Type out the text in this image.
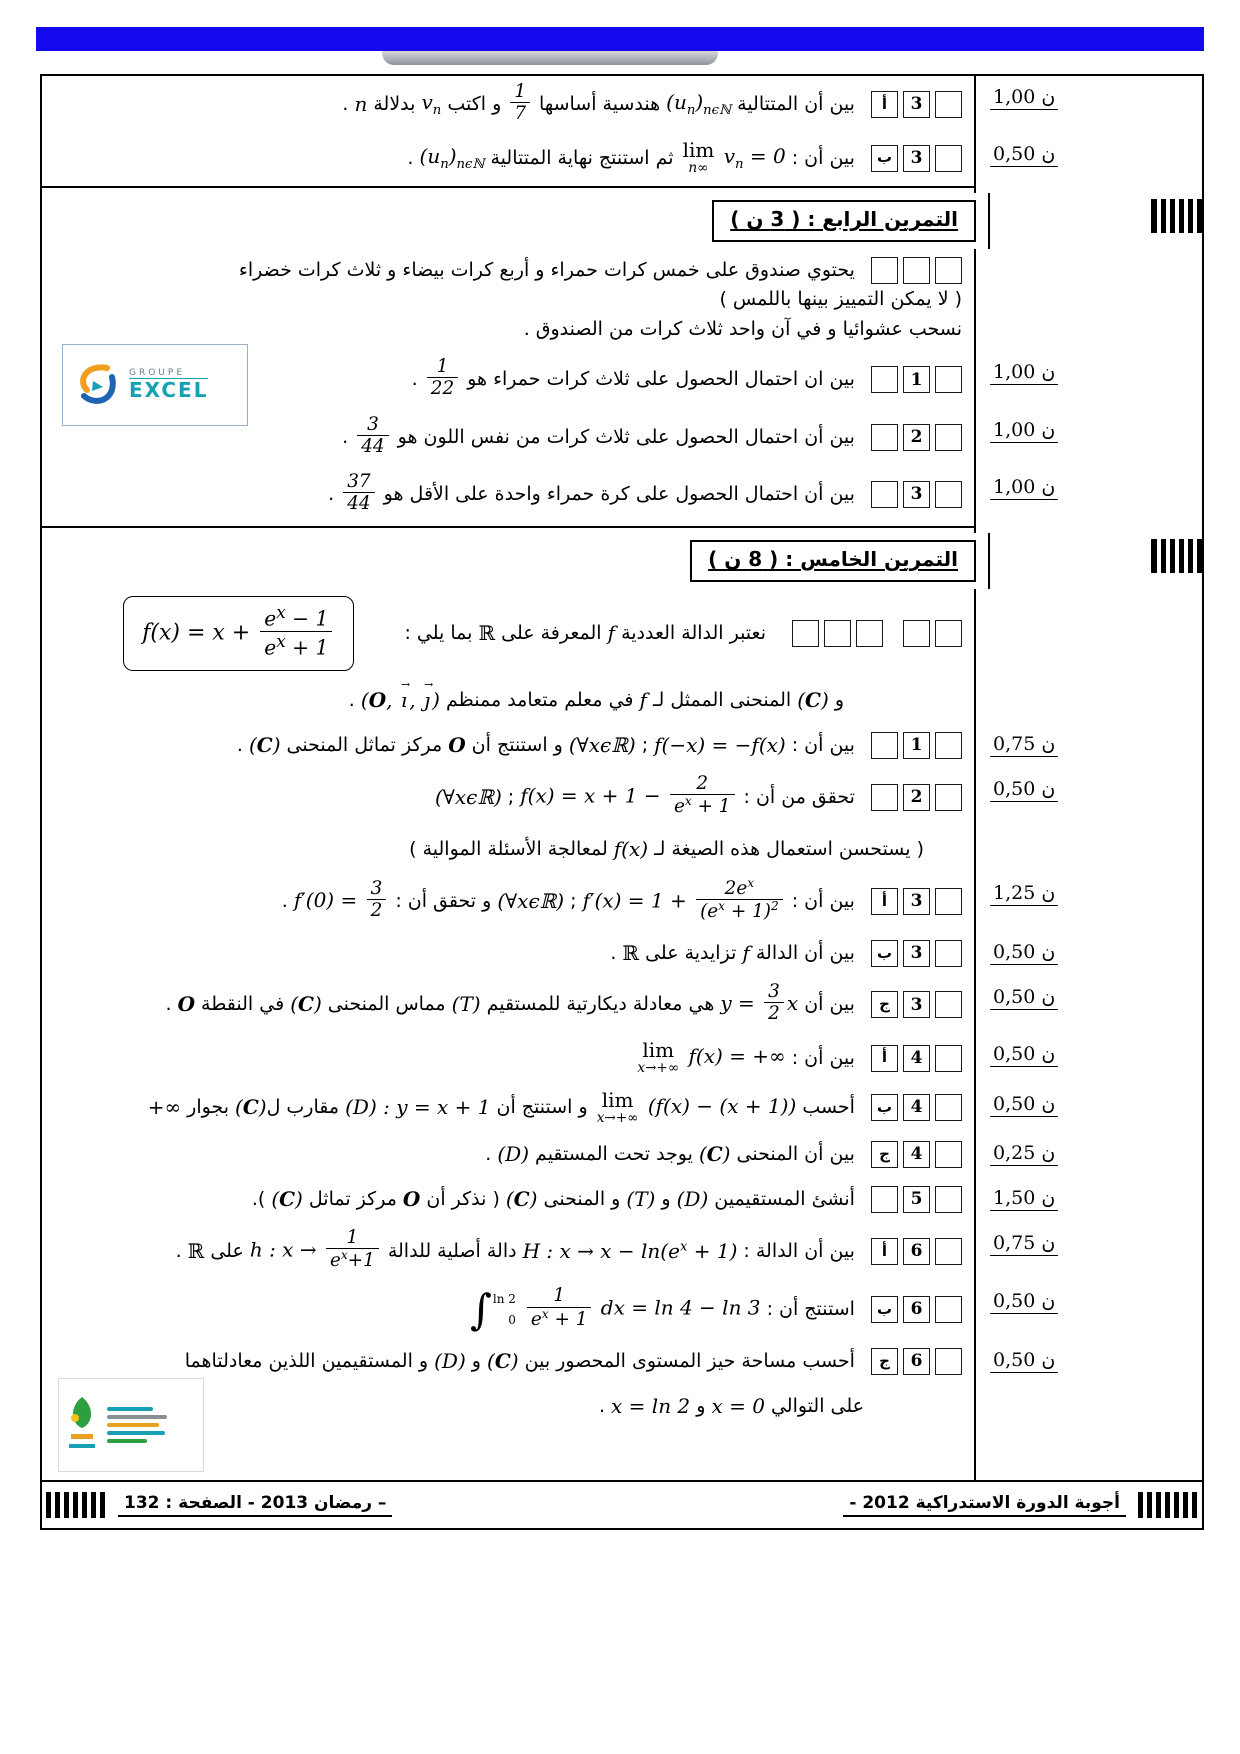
1,00 ن
3
أ
بين أن المتتالية $(u_n)_{n\epsilon ℕ}$ هندسية أساسها
$\frac{1}{7}$
و اكتب $v_n$ بدلالة n .
0,50 ن
3
ب
بين أن :
lim
n∞ $v_n = 0$ ثم استنتج نهاية المتتالية $(u_n)_{n\epsilon ℕ}$ .
التمرين الرابع : ( 3 ن )
يحتوي صندوق على خمس كرات حمراء و أربع كرات بيضاء و ثلاث كرات خضراء
( لا يمكن التمييز بينها باللمس )
نسحب عشوائيا و في آن واحد ثلاث كرات من الصندوق .
1,00 ن
1
بين ان احتمال الحصول على ثلاث كرات حمراء هو
$\frac{1}{22}$
.
1,00 ن
2
بين أن احتمال الحصول على ثلاث كرات من نفس اللون هو
$\frac{3}{44}$
.
1,00 ن
3
بين أن احتمال الحصول على كرة حمراء واحدة على الأقل هو
$\frac{37}{44}$
.
التمرين الخامس : ( 8 ن )
نعتبر الدالة العددية f المعرفة على ℝ بما يلي :
$f(x) = x + \frac{e^x - 1}{e^x + 1}$
و (C) المنحنى الممثل لـ f في معلم متعامد ممنظم (O, ı → , ȷ → ) .
0,75 ن
1
بين أن : f(−x) = −f(x) ; (∀xϵℝ) و استنتج أن O مركز تماثل المنحنى (C) .
0,50 ن
2
تحقق من أن : $f(x) = x + 1 - \frac{2}{e^x + 1}$
; (∀xϵℝ)
( يستحسن استعمال هذه الصيغة لـ f(x) لمعالجة الأسئلة الموالية )
1,25 ن
3
أ
بين أن : $f'(x) = 1 + \frac{2e^x}{(e^x + 1)^2}$
; (∀xϵℝ) و تحقق أن : $f'(0) = \frac{3}{2}$
.
0,50 ن
3
ب
بين أن الدالة f تزايدية على ℝ .
0,50 ن
3
ج
بين أن $y = \frac{3}{2}$ x هي معادلة ديكارتية للمستقيم (T) مماس المنحنى (C) في النقطة O .
0,50 ن
4
أ
بين أن :
lim
x→+∞ f(x) = +∞
0,50 ن
4
ب
أحسب
lim
x→+∞ (f(x) − (x + 1)) و استنتج أن (D) : y = x + 1 مقارب ل(C) بجوار +∞
0,25 ن
4
ج
بين أن المنحنى (C) يوجد تحت المستقيم (D) .
1,50 ن
5
أنشئ المستقيمين (D) و (T) و المنحنى (C) ( نذكر أن O مركز تماثل (C) ).
0,75 ن
6
أ
بين أن الدالة : H : $x \to x - \ln(e^x + 1)$ دالة أصلية للدالة h : $x \to \frac{1}{e^x+1}$
على ℝ .
0,50 ن
6
ب
استنتج أن :
∫ ln 2
$0 \frac{1}{e^x + 1}$ dx = ln 4 − ln 3
0,50 ن
6
ج
أحسب مساحة حيز المستوى المحصور بين (C) و (D) و المستقيمين اللذين معادلتاهما
على التوالي x = 0 و x = ln 2 .
– رمضان 2013 - الصفحة : 132	أجوبة الدورة الاستدراكية 2012 -
GROUPE
EXCEL
